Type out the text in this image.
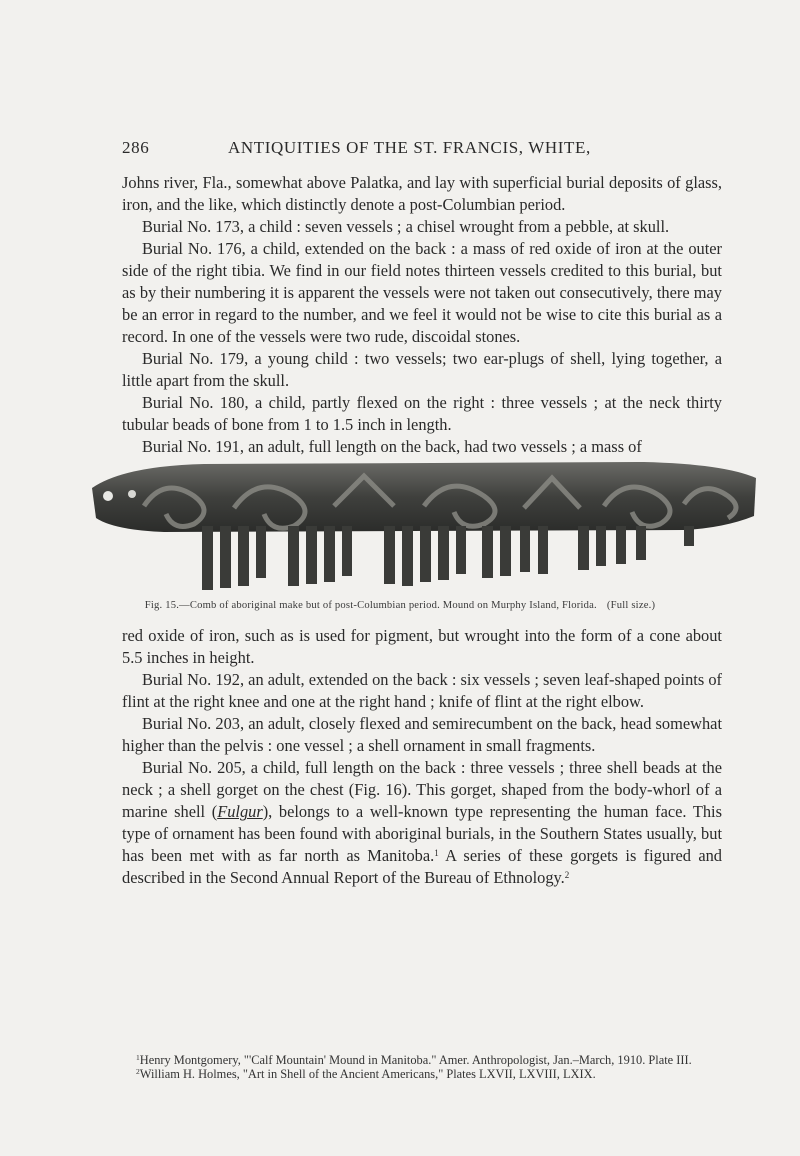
286	ANTIQUITIES OF THE ST. FRANCIS, WHITE,

Johns river, Fla., somewhat above Palatka, and lay with superficial burial deposits of glass, iron, and the like, which distinctly denote a post-Columbian period.

Burial No. 173, a child : seven vessels ; a chisel wrought from a pebble, at skull.

Burial No. 176, a child, extended on the back : a mass of red oxide of iron at the outer side of the right tibia. We find in our field notes thirteen vessels credited to this burial, but as by their numbering it is apparent the vessels were not taken out consecutively, there may be an error in regard to the number, and we feel it would not be wise to cite this burial as a record. In one of the vessels were two rude, discoidal stones.

Burial No. 179, a young child : two vessels; two ear-plugs of shell, lying together, a little apart from the skull.

Burial No. 180, a child, partly flexed on the right : three vessels ; at the neck thirty tubular beads of bone from 1 to 1.5 inch in length.

Burial No. 191, an adult, full length on the back, had two vessels ; a mass of

Fig. 15.—Comb of aboriginal make but of post-Columbian period. Mound on Murphy Island, Florida. (Full size.)

red oxide of iron, such as is used for pigment, but wrought into the form of a cone about 5.5 inches in height.

Burial No. 192, an adult, extended on the back : six vessels ; seven leaf-shaped points of flint at the right knee and one at the right hand ; knife of flint at the right elbow.

Burial No. 203, an adult, closely flexed and semirecumbent on the back, head somewhat higher than the pelvis : one vessel ; a shell ornament in small fragments.

Burial No. 205, a child, full length on the back : three vessels ; three shell beads at the neck ; a shell gorget on the chest (Fig. 16). This gorget, shaped from the body-whorl of a marine shell (Fulgur), belongs to a well-known type representing the human face. This type of ornament has been found with aboriginal burials, in the Southern States usually, but has been met with as far north as Manitoba.$^1$ A series of these gorgets is figured and described in the Second Annual Report of the Bureau of Ethnology.$^2$

$^1$Henry Montgomery, "'Calf Mountain' Mound in Manitoba." Amer. Anthropologist, Jan.–March, 1910. Plate III.

$^2$William H. Holmes, "Art in Shell of the Ancient Americans," Plates LXVII, LXVIII, LXIX.
